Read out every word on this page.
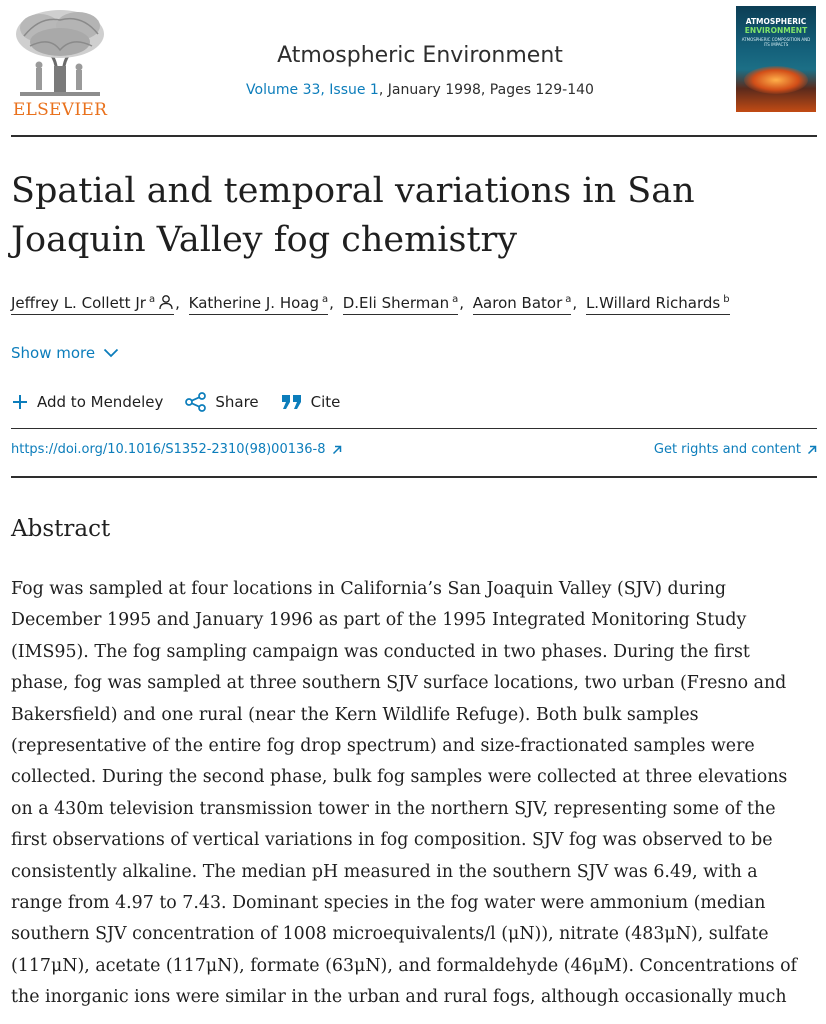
ELSEVIER
Atmospheric Environment
Volume 33, Issue 1, January 1998, Pages 129-140
ATMOSPHERIC
ENVIRONMENT
ATMOSPHERIC COMPOSITION AND ITS IMPACTS
Spatial and temporal variations in San Joaquin Valley fog chemistry
Jeffrey L. Collett Jr $^a$ , Katherine J. Hoag $^a$, D.Eli Sherman $^a$, Aaron Bator $^a$, L.Willard Richards $^b$
Show more
Add to Mendeley	Share	Cite
https://doi.org/10.1016/S1352-2310(98)00136-8	Get rights and content
Abstract

Fog was sampled at four locations in California’s San Joaquin Valley (SJV) during
December 1995 and January 1996 as part of the 1995 Integrated Monitoring Study
(IMS95). The fog sampling campaign was conducted in two phases. During the first
phase, fog was sampled at three southern SJV surface locations, two urban (Fresno and
Bakersfield) and one rural (near the Kern Wildlife Refuge). Both bulk samples
(representative of the entire fog drop spectrum) and size-fractionated samples were
collected. During the second phase, bulk fog samples were collected at three elevations
on a 430m television transmission tower in the northern SJV, representing some of the
first observations of vertical variations in fog composition. SJV fog was observed to be
consistently alkaline. The median pH measured in the southern SJV was 6.49, with a
range from 4.97 to 7.43. Dominant species in the fog water were ammonium (median
southern SJV concentration of 1008 microequivalents/l (μN)), nitrate (483μN), sulfate
(117μN), acetate (117μN), formate (63μN), and formaldehyde (46μM). Concentrations of
the inorganic ions were similar in the urban and rural fogs, although occasionally much
